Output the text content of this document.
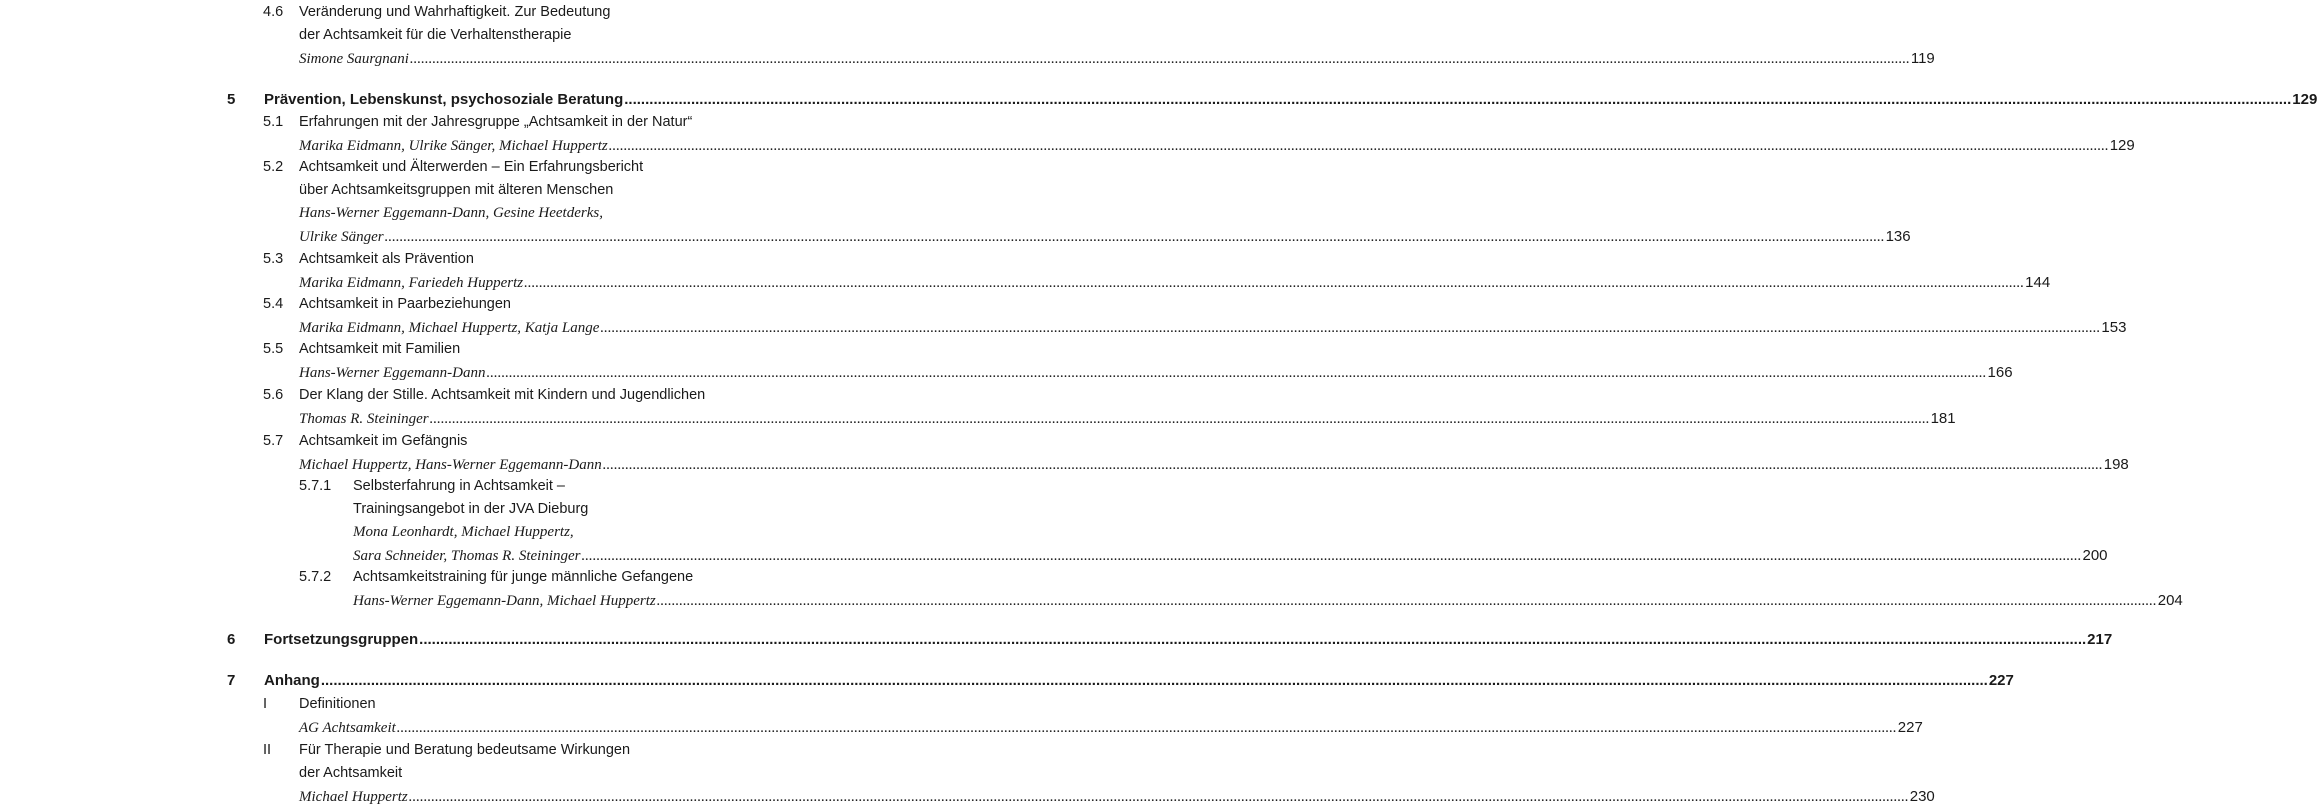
4.6 Veränderung und Wahrhaftigkeit. Zur Bedeutung
der Achtsamkeit für die Verhaltenstherapie
Simone Saurgnani ................................................................................................................................................................................................................................................................................................................................................................................................................ 119
5 Prävention, Lebenskunst, psychosoziale Beratung ................................................................................................................................................................................................................................................................................................................................................................................................................ 129
5.1 Erfahrungen mit der Jahresgruppe „Achtsamkeit in der Natur“
Marika Eidmann, Ulrike Sänger, Michael Huppertz ................................................................................................................................................................................................................................................................................................................................................................................................................ 129
5.2 Achtsamkeit und Älterwerden – Ein Erfahrungsbericht
über Achtsamkeitsgruppen mit älteren Menschen
Hans-Werner Eggemann-Dann, Gesine Heetderks,
Ulrike Sänger ................................................................................................................................................................................................................................................................................................................................................................................................................ 136
5.3 Achtsamkeit als Prävention
Marika Eidmann, Fariedeh Huppertz ................................................................................................................................................................................................................................................................................................................................................................................................................ 144
5.4 Achtsamkeit in Paarbeziehungen
Marika Eidmann, Michael Huppertz, Katja Lange ................................................................................................................................................................................................................................................................................................................................................................................................................ 153
5.5 Achtsamkeit mit Familien
Hans-Werner Eggemann-Dann ................................................................................................................................................................................................................................................................................................................................................................................................................ 166
5.6 Der Klang der Stille. Achtsamkeit mit Kindern und Jugendlichen
Thomas R. Steininger ................................................................................................................................................................................................................................................................................................................................................................................................................ 181
5.7 Achtsamkeit im Gefängnis
Michael Huppertz, Hans-Werner Eggemann-Dann ................................................................................................................................................................................................................................................................................................................................................................................................................ 198
5.7.1 Selbsterfahrung in Achtsamkeit –
Trainingsangebot in der JVA Dieburg
Mona Leonhardt, Michael Huppertz,
Sara Schneider, Thomas R. Steininger ................................................................................................................................................................................................................................................................................................................................................................................................................ 200
5.7.2 Achtsamkeitstraining für junge männliche Gefangene
Hans-Werner Eggemann-Dann, Michael Huppertz ................................................................................................................................................................................................................................................................................................................................................................................................................ 204
6 Fortsetzungsgruppen ................................................................................................................................................................................................................................................................................................................................................................................................................ 217
7 Anhang ................................................................................................................................................................................................................................................................................................................................................................................................................ 227
I Definitionen
AG Achtsamkeit ................................................................................................................................................................................................................................................................................................................................................................................................................ 227
II Für Therapie und Beratung bedeutsame Wirkungen
der Achtsamkeit
Michael Huppertz ................................................................................................................................................................................................................................................................................................................................................................................................................ 230
